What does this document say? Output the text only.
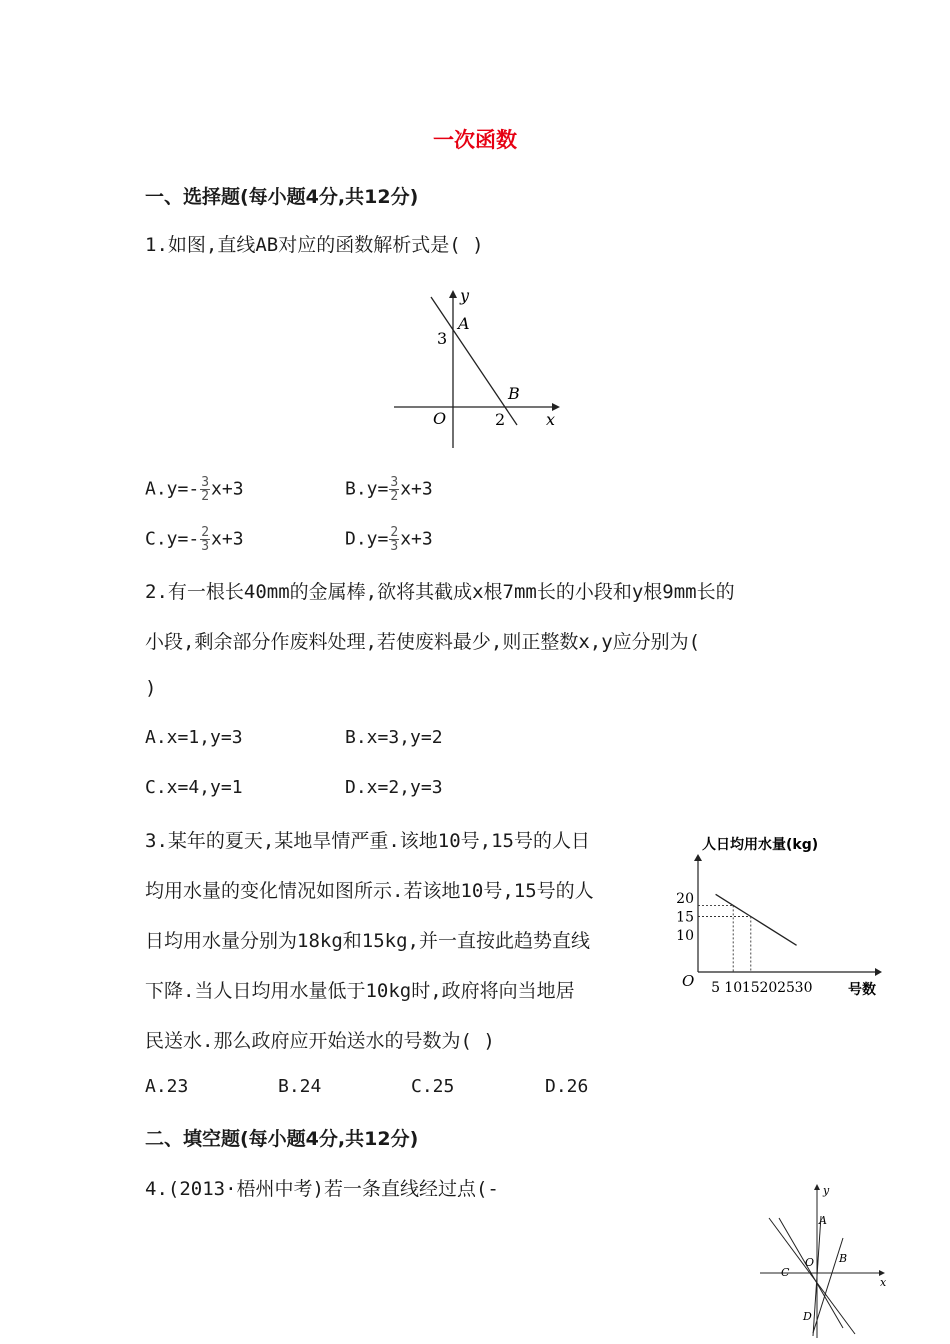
一次函数
一、选择题(每小题4分,共12分)
1.如图,直线AB对应的函数解析式是( )
y
A
3
B
O	2	x
$A.y=- \frac{3}{2} x+3$	$B.y= \frac{3}{2} x+3$
$C.y=- \frac{2}{3} x+3$	$D.y= \frac{2}{3} x+3$
2.有一根长40mm的金属棒,欲将其截成x根7mm长的小段和y根9mm长的
小段,剩余部分作废料处理,若使废料最少,则正整数x,y应分别为(
)
A.x=1,y=3	B.x=3,y=2
C.x=4,y=1	D.x=2,y=3
3.某年的夏天,某地旱情严重.该地10号,15号的人日
均用水量的变化情况如图所示.若该地10号,15号的人
日均用水量分别为18kg和15kg,并一直按此趋势直线
下降.当人日均用水量低于10kg时,政府将向当地居
民送水.那么政府应开始送水的号数为( )
A.23	B.24	C.25	D.26
人日均用水量(kg)
O	号数
5 10 15 20 25 30
10
15
20
二、填空题(每小题4分,共12分)
4.(2013·梧州中考)若一条直线经过点(-	y
A
O B
C
D
x
